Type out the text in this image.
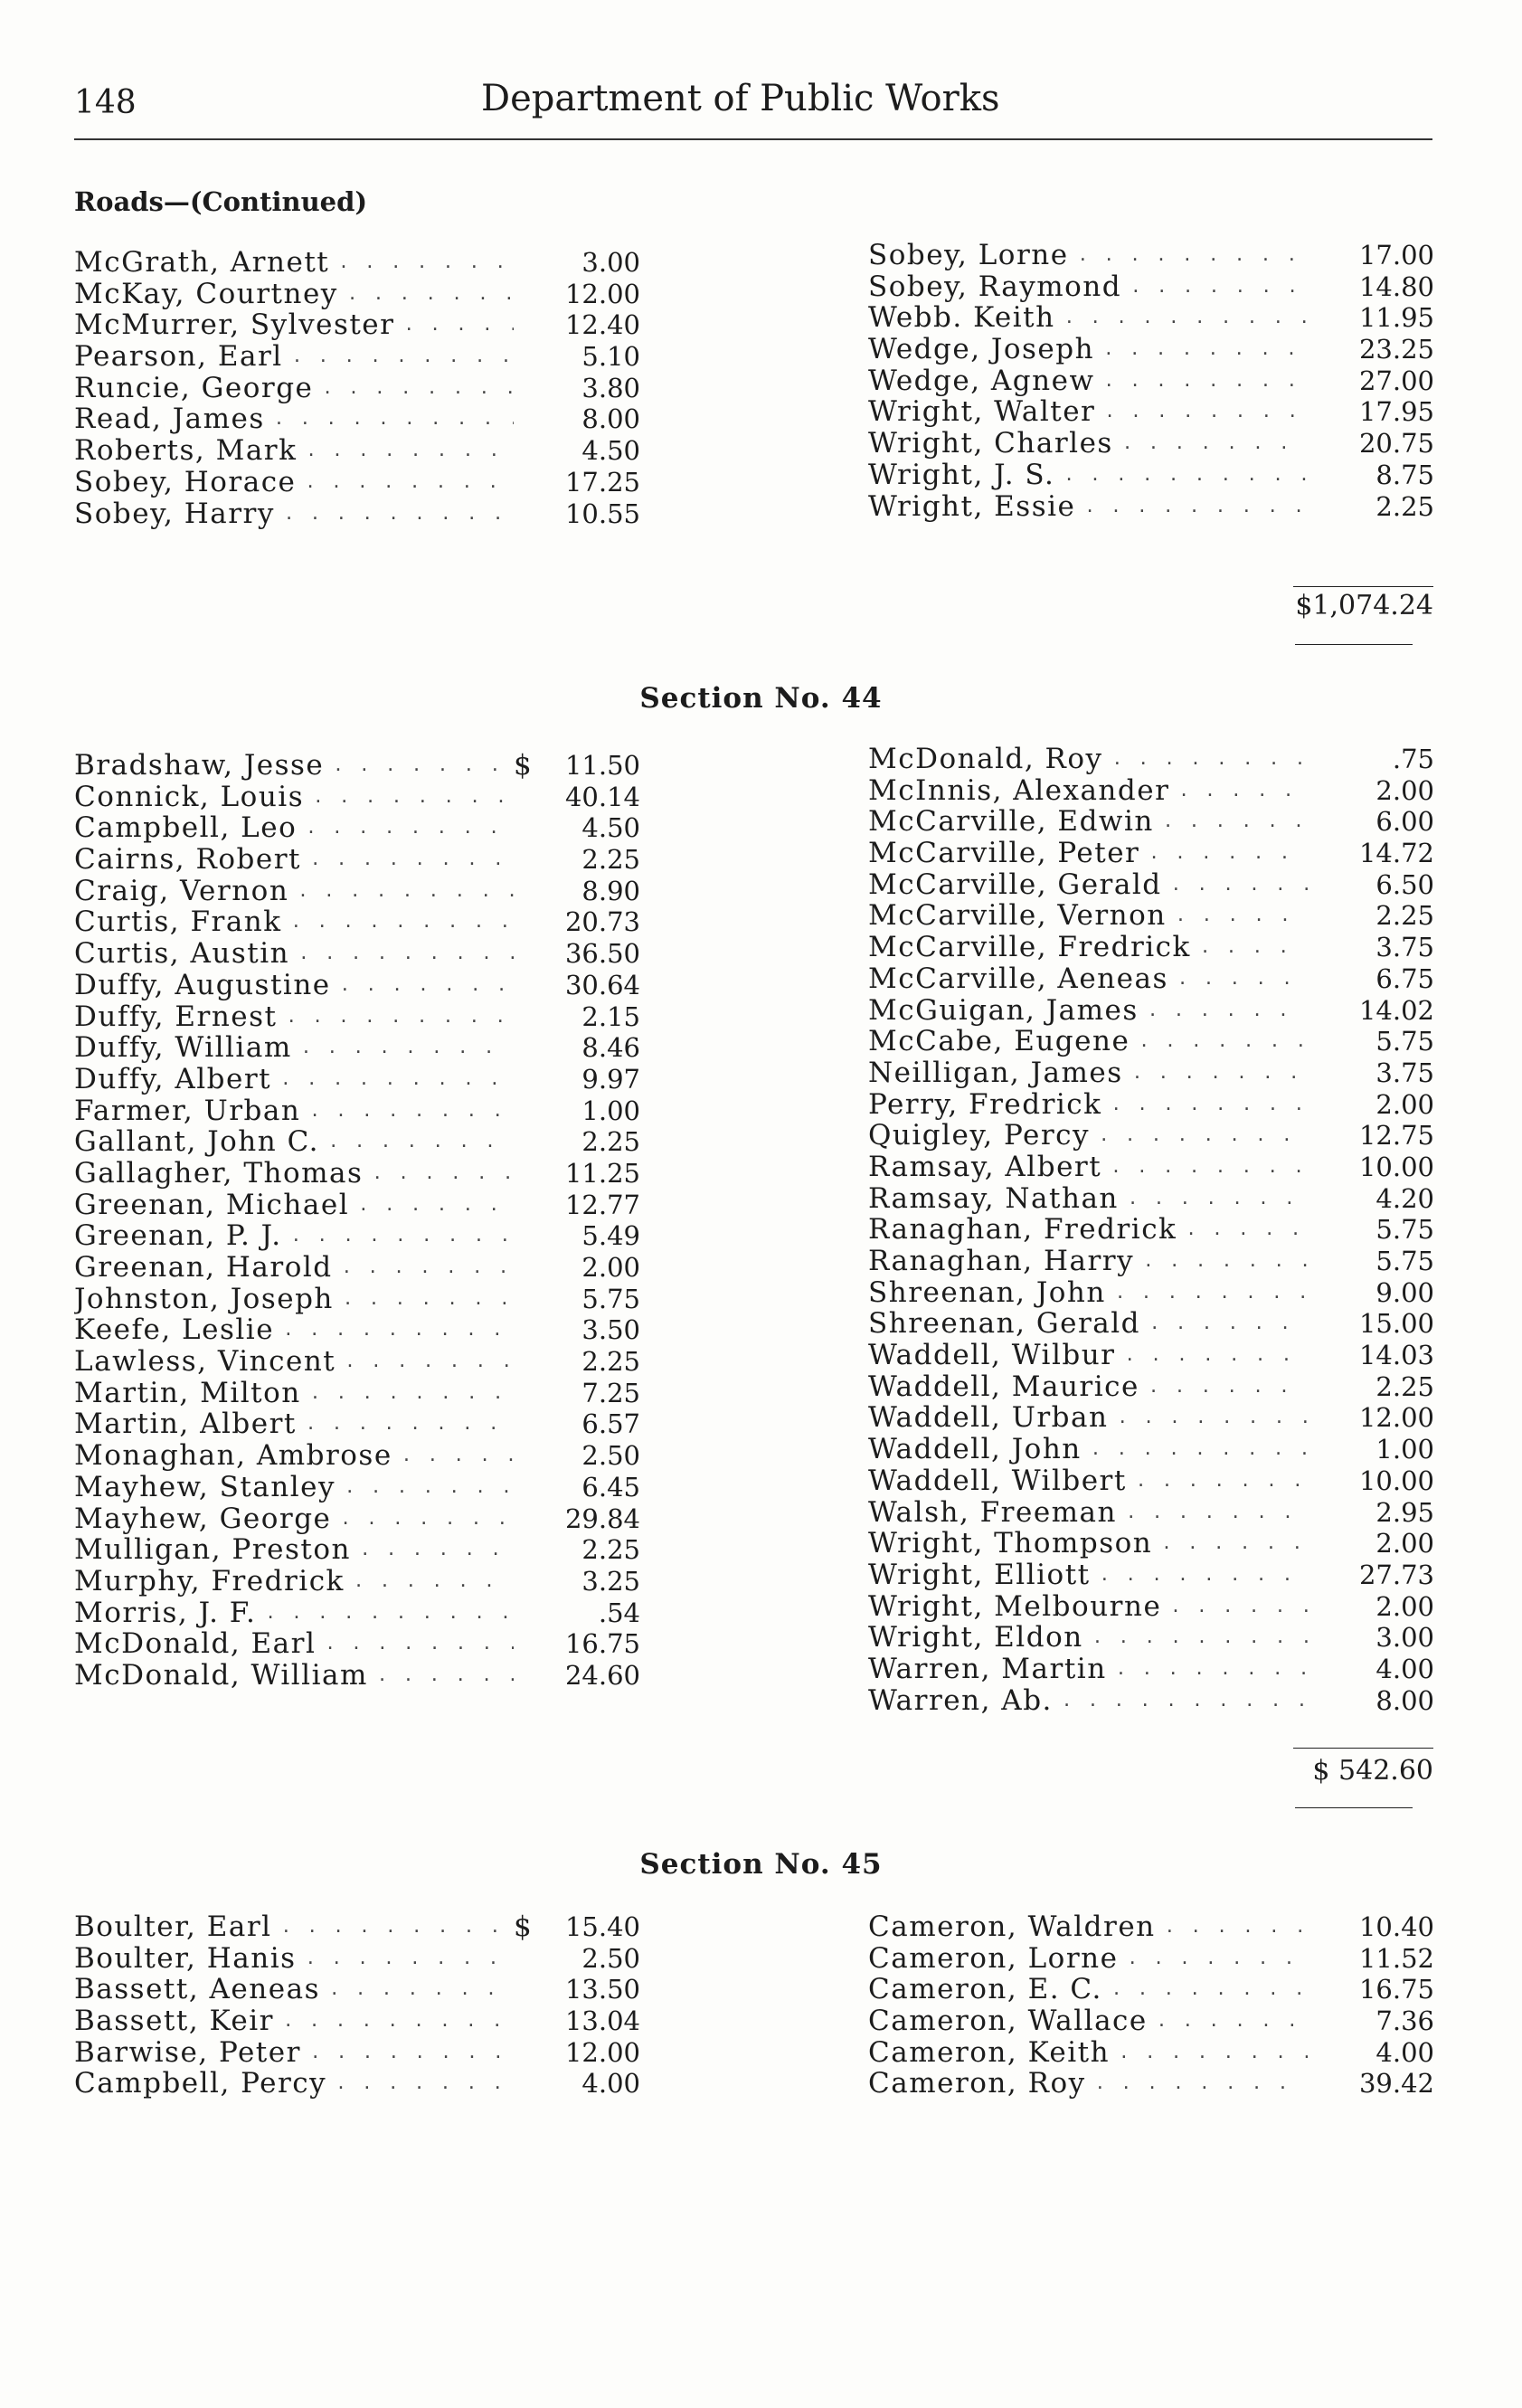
148	Department of Public Works
Roads—(Continued)
McGrath, Arnett . . .	3.00
McKay, Courtney . . .	12.00
McMurrer, Sylvester . . .	12.40
Pearson, Earl . . .	5.10
Runcie, George . . .	3.80
Read, James . . .	8.00
Roberts, Mark . . .	4.50
Sobey, Horace . . .	17.25
Sobey, Harry . . .	10.55
Sobey, Lorne . . .	17.00
Sobey, Raymond . . .	14.80
Webb. Keith . . .	11.95
Wedge, Joseph . . .	23.25
Wedge, Agnew . . .	27.00
Wright, Walter . . .	17.95
Wright, Charles . . .	20.75
Wright, J. S. . . .	8.75
Wright, Essie . . .	2.25
$1,074.24
Section No. 44
Bradshaw, Jesse . . .	$	11.50
Connick, Louis . . .	40.14
Campbell, Leo . . .	4.50
Cairns, Robert . . .	2.25
Craig, Vernon . . .	8.90
Curtis, Frank . . .	20.73
Curtis, Austin . . .	36.50
Duffy, Augustine . . .	30.64
Duffy, Ernest . . .	2.15
Duffy, William . . .	8.46
Duffy, Albert . . .	9.97
Farmer, Urban . . .	1.00
Gallant, John C. . . .	2.25
Gallagher, Thomas . . .	11.25
Greenan, Michael . . .	12.77
Greenan, P. J. . . .	5.49
Greenan, Harold . . .	2.00
Johnston, Joseph . . .	5.75
Keefe, Leslie . . .	3.50
Lawless, Vincent . . .	2.25
Martin, Milton . . .	7.25
Martin, Albert . . .	6.57
Monaghan, Ambrose . . .	2.50
Mayhew, Stanley . . .	6.45
Mayhew, George . . .	29.84
Mulligan, Preston . . .	2.25
Murphy, Fredrick . . .	3.25
Morris, J. F. . . .	.54
McDonald, Earl . . .	16.75
McDonald, William . . .	24.60
McDonald, Roy . . .	.75
McInnis, Alexander . . .	2.00
McCarville, Edwin . . .	6.00
McCarville, Peter . . .	14.72
McCarville, Gerald . . .	6.50
McCarville, Vernon . . .	2.25
McCarville, Fredrick . . .	3.75
McCarville, Aeneas . . .	6.75
McGuigan, James . . .	14.02
McCabe, Eugene . . .	5.75
Neilligan, James . . .	3.75
Perry, Fredrick . . .	2.00
Quigley, Percy . . .	12.75
Ramsay, Albert . . .	10.00
Ramsay, Nathan . . .	4.20
Ranaghan, Fredrick . . .	5.75
Ranaghan, Harry . . .	5.75
Shreenan, John . . .	9.00
Shreenan, Gerald . . .	15.00
Waddell, Wilbur . . .	14.03
Waddell, Maurice . . .	2.25
Waddell, Urban . . .	12.00
Waddell, John . . .	1.00
Waddell, Wilbert . . .	10.00
Walsh, Freeman . . .	2.95
Wright, Thompson . . .	2.00
Wright, Elliott . . .	27.73
Wright, Melbourne . . .	2.00
Wright, Eldon . . .	3.00
Warren, Martin . . .	4.00
Warren, Ab. . . .	8.00
$ 542.60
Section No. 45
Boulter, Earl . . .	$	15.40
Boulter, Hanis . . .	2.50
Bassett, Aeneas . . .	13.50
Bassett, Keir . . .	13.04
Barwise, Peter . . .	12.00
Campbell, Percy . . .	4.00
Cameron, Waldren . . .	10.40
Cameron, Lorne . . .	11.52
Cameron, E. C. . . .	16.75
Cameron, Wallace . . .	7.36
Cameron, Keith . . .	4.00
Cameron, Roy . . .	39.42
